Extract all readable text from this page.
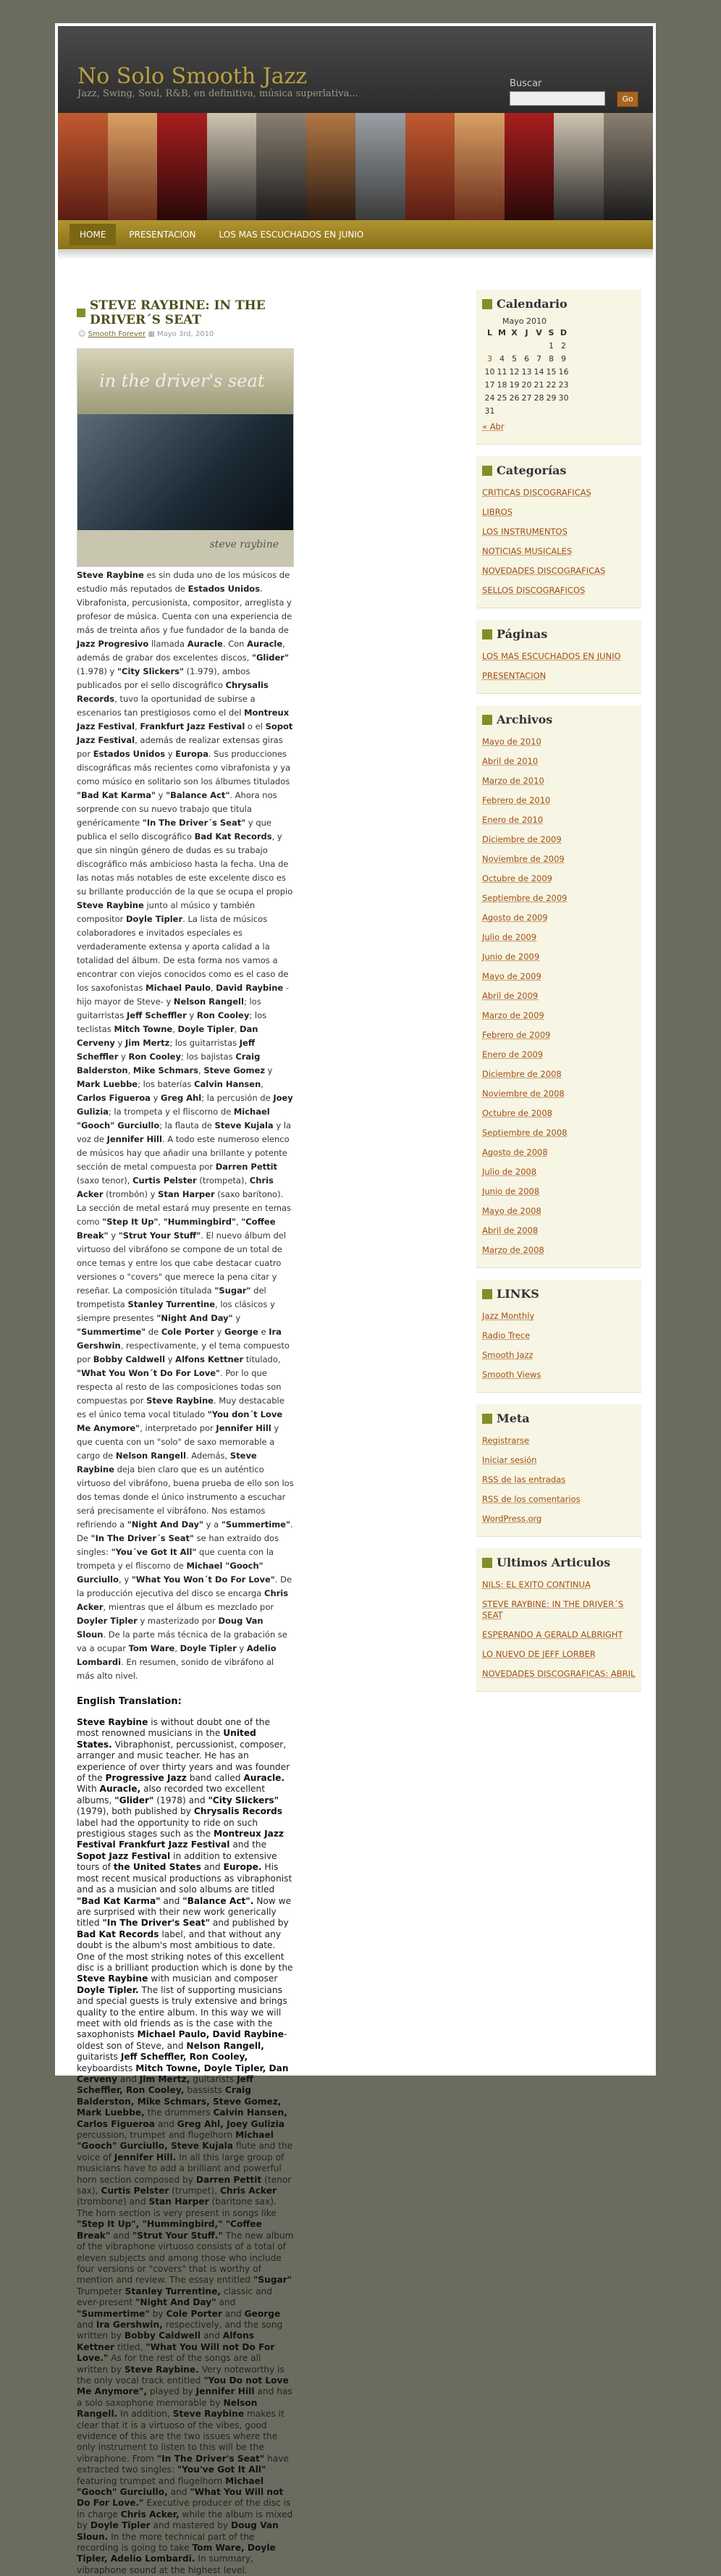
No Solo Smooth Jazz
Jazz, Swing, Soul, R&B, en definitiva, música superlativa...
Buscar
Go
HOME	PRESENTACION	LOS MAS ESCUCHADOS EN JUNIO
STEVE RAYBINE: IN THE DRIVER´S SEAT
☺ Smooth Forever ▦ Mayo 3rd, 2010
in the driver's seat
steve raybine
Steve Raybine es sin duda uno de los músicos de estudio más reputados de Estados Unidos. Vibrafonista, percusionista, compositor, arreglista y profesor de música. Cuenta con una experiencia de más de treinta años y fue fundador de la banda de Jazz Progresivo llamada Auracle. Con Auracle, además de grabar dos excelentes discos, "Glider" (1.978) y "City Slickers" (1.979), ambos publicados por el sello discográfico Chrysalis Records, tuvo la oportunidad de subirse a escenarios tan prestigiosos como el del Montreux Jazz Festival, Frankfurt Jazz Festival o el Sopot Jazz Festival, además de realizar extensas giras por Estados Unidos y Europa. Sus producciones discográficas más recientes como vibrafonista y ya como músico en solitario son los álbumes titulados "Bad Kat Karma" y "Balance Act". Ahora nos sorprende con su nuevo trabajo que titula genéricamente "In The Driver´s Seat" y que publica el sello discográfico Bad Kat Records, y que sin ningún género de dudas es su trabajo discográfico más ambicioso hasta la fecha. Una de las notas más notables de este excelente disco es su brillante producción de la que se ocupa el propio Steve Raybine junto al músico y también compositor Doyle Tipler. La lista de músicos colaboradores e invitados especiales es verdaderamente extensa y aporta calidad a la totalidad del álbum. De esta forma nos vamos a encontrar con viejos conocidos como es el caso de los saxofonistas Michael Paulo, David Raybine -hijo mayor de Steve- y Nelson Rangell; los guitarristas Jeff Scheffler y Ron Cooley; los teclistas Mitch Towne, Doyle Tipler, Dan Cerveny y Jim Mertz; los guitarristas Jeff Scheffler y Ron Cooley; los bajistas Craig Balderston, Mike Schmars, Steve Gomez y Mark Luebbe; los baterías Calvin Hansen, Carlos Figueroa y Greg Ahl; la percusión de Joey Gulizia; la trompeta y el fliscorno de Michael "Gooch" Gurciullo; la flauta de Steve Kujala y la voz de Jennifer Hill. A todo este numeroso elenco de músicos hay que añadir una brillante y potente sección de metal compuesta por Darren Pettit (saxo tenor), Curtis Pelster (trompeta), Chris Acker (trombón) y Stan Harper (saxo barítono). La sección de metal estará muy presente en temas como "Step It Up", "Hummingbird", "Coffee Break" y "Strut Your Stuff". El nuevo álbum del virtuoso del vibráfono se compone de un total de once temas y entre los que cabe destacar cuatro versiones o "covers" que merece la pena citar y reseñar. La composición titulada "Sugar" del trompetista Stanley Turrentine, los clásicos y siempre presentes "Night And Day" y "Summertime" de Cole Porter y George e Ira Gershwin, respectivamente, y el tema compuesto por Bobby Caldwell y Alfons Kettner titulado, "What You Won´t Do For Love". Por lo que respecta al resto de las composiciones todas son compuestas por Steve Raybine. Muy destacable es el único tema vocal titulado "You don´t Love Me Anymore", interpretado por Jennifer Hill y que cuenta con un "solo" de saxo memorable a cargo de Nelson Rangell. Además, Steve Raybine deja bien claro que es un auténtico virtuoso del vibráfono, buena prueba de ello son los dos temas donde el único instrumento a escuchar será precisamente el vibráfono. Nos estamos refiriendo a "Night And Day" y a "Summertime". De "In The Driver´s Seat" se han extraido dos singles: "You´ve Got It All" que cuenta con la trompeta y el fliscorno de Michael "Gooch" Gurciullo, y "What You Won´t Do For Love". De la producción ejecutiva del disco se encarga Chris Acker, mientras que el álbum es mezclado por Doyler Tipler y masterizado por Doug Van Sloun. De la parte más técnica de la grabación se va a ocupar Tom Ware, Doyle Tipler y Adelio Lombardi. En resumen, sonido de vibráfono al más alto nivel.
English Translation:
Steve Raybine is without doubt one of the most renowned musicians in the United States. Vibraphonist, percussionist, composer, arranger and music teacher. He has an experience of over thirty years and was founder of the Progressive Jazz band called Auracle. With Auracle, also recorded two excellent albums, "Glider" (1978) and "City Slickers" (1979), both published by Chrysalis Records label had the opportunity to ride on such prestigious stages such as the Montreux Jazz Festival Frankfurt Jazz Festival and the Sopot Jazz Festival in addition to extensive tours of the United States and Europe. His most recent musical productions as vibraphonist and as a musician and solo albums are titled "Bad Kat Karma" and "Balance Act". Now we are surprised with their new work generically titled "In The Driver's Seat" and published by Bad Kat Records label, and that without any doubt is the album's most ambitious to date. One of the most striking notes of this excellent disc is a brilliant production which is done by the Steve Raybine with musician and composer Doyle Tipler. The list of supporting musicians and special guests is truly extensive and brings quality to the entire album. In this way we will meet with old friends as is the case with the saxophonists Michael Paulo, David Raybine-oldest son of Steve, and Nelson Rangell, guitarists Jeff Scheffler, Ron Cooley, keyboardists Mitch Towne, Doyle Tipler, Dan Cerveny and Jim Mertz, guitarists Jeff Scheffler, Ron Cooley, bassists Craig Balderston, Mike Schmars, Steve Gomez, Mark Luebbe, the drummers Calvin Hansen, Carlos Figueroa and Greg Ahl, Joey Gulizia percussion, trumpet and flugelhorn Michael "Gooch" Gurciullo, Steve Kujala flute and the voice of Jennifer Hill. In all this large group of musicians have to add a brilliant and powerful horn section composed by Darren Pettit (tenor sax), Curtis Pelster (trumpet), Chris Acker (trombone) and Stan Harper (baritone sax). The horn section is very present in songs like "Step It Up", "Hummingbird," "Coffee Break" and "Strut Your Stuff." The new album of the vibraphone virtuoso consists of a total of eleven subjects and among those who include four versions or "covers" that is worthy of mention and review. The essay entitled "Sugar" Trumpeter Stanley Turrentine, classic and ever-present "Night And Day" and "Summertime" by Cole Porter and George and Ira Gershwin, respectively, and the song written by Bobby Caldwell and Alfons Kettner titled, "What You Will not Do For Love." As for the rest of the songs are all written by Steve Raybine. Very noteworthy is the only vocal track entitled "You Do not Love Me Anymore", played by Jennifer Hill and has a solo saxophone memorable by Nelson Rangell. In addition, Steve Raybine makes it clear that it is a virtuoso of the vibes, good evidence of this are the two issues where the only instrument to listen to this will be the vibraphone. From "In The Driver's Seat" have extracted two singles: "You've Got It All" featuring trumpet and flugelhorn Michael "Gooch" Gurciullo, and "What You Will not Do For Love." Executive producer of the disc is in charge Chris Acker, while the album is mixed by Doyle Tipler and mastered by Doug Van Sloun. In the more technical part of the recording is going to take Tom Ware, Doyle Tipler, Adelio Lombardi. In summary, vibraphone sound at the highest level.
Calendario
Mayo 2010
L	M	X	J	V	S	D
					1	2
3	4	5	6	7	8	9
10	11	12	13	14	15	16
17	18	19	20	21	22	23
24	25	26	27	28	29	30
31						
« Abr
Categorías
CRITICAS DISCOGRAFICAS
LIBROS
LOS INSTRUMENTOS
NOTICIAS MUSICALES
NOVEDADES DISCOGRAFICAS
SELLOS DISCOGRAFICOS
Páginas
LOS MAS ESCUCHADOS EN JUNIO
PRESENTACION
Archivos
Mayo de 2010
Abril de 2010
Marzo de 2010
Febrero de 2010
Enero de 2010
Diciembre de 2009
Noviembre de 2009
Octubre de 2009
Septiembre de 2009
Agosto de 2009
Julio de 2009
Junio de 2009
Mayo de 2009
Abril de 2009
Marzo de 2009
Febrero de 2009
Enero de 2009
Diciembre de 2008
Noviembre de 2008
Octubre de 2008
Septiembre de 2008
Agosto de 2008
Julio de 2008
Junio de 2008
Mayo de 2008
Abril de 2008
Marzo de 2008
LINKS
Jazz Monthly
Radio Trece
Smooth Jazz
Smooth Views
Meta
Registrarse
Iniciar sesión
RSS de las entradas
RSS de los comentarios
WordPress.org
Ultimos Articulos
NILS: EL EXITO CONTINUA
STEVE RAYBINE: IN THE DRIVER´S SEAT
ESPERANDO A GERALD ALBRIGHT
LO NUEVO DE JEFF LORBER
NOVEDADES DISCOGRAFICAS: ABRIL
